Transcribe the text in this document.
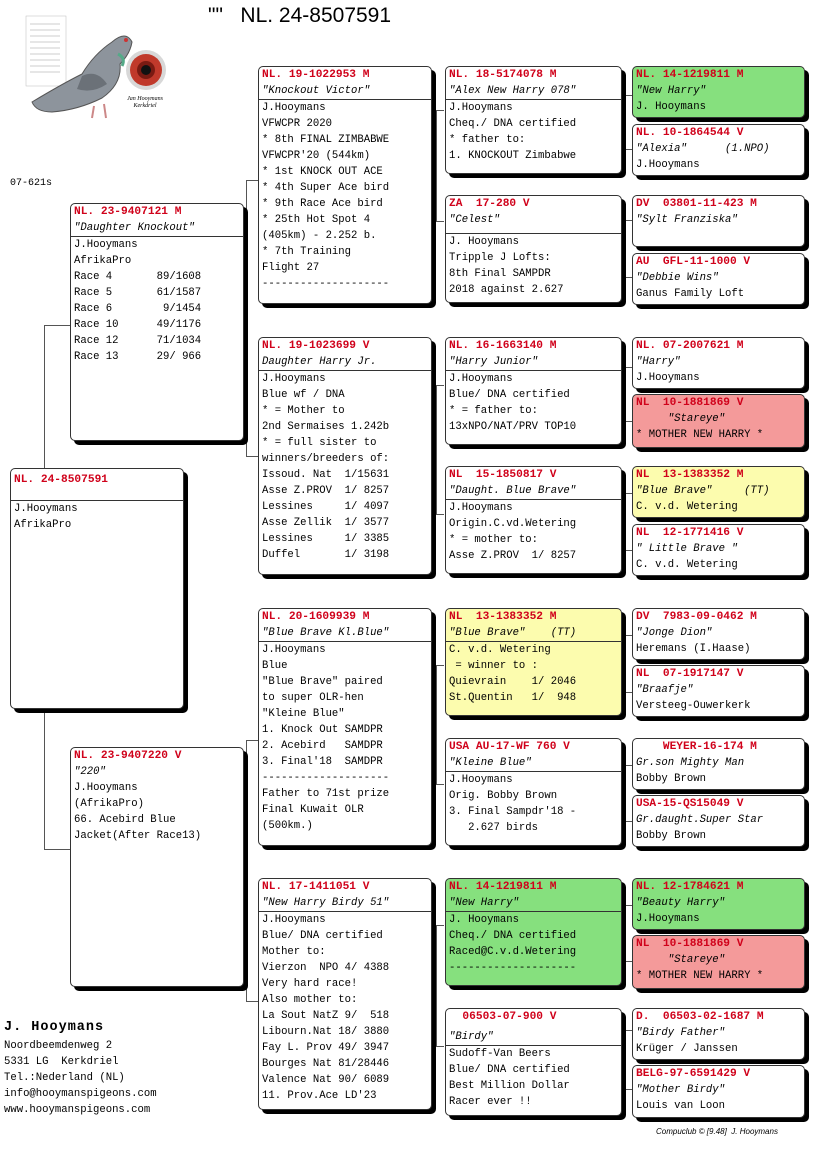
""   NL. 24-8507591
Jan Hooymans Kerkdriel
07-621s
NL. 24-8507591
J.Hooymans
AfrikaPro
NL. 23-9407121 M
"Daughter Knockout"
J.Hooymans
AfrikaPro
Race 4       89/1608
Race 5       61/1587
Race 6        9/1454
Race 10      49/1176
Race 12      71/1034
Race 13      29/ 966
NL. 23-9407220 V
"220"
J.Hooymans
(AfrikaPro)
66. Acebird Blue
Jacket(After Race13)
NL. 19-1022953 M
"Knockout Victor"
J.Hooymans
VFWCPR 2020
* 8th FINAL ZIMBABWE
VFWCPR'20 (544km)
* 1st KNOCK OUT ACE
* 4th Super Ace bird
* 9th Race Ace bird
* 25th Hot Spot 4
(405km) - 2.252 b.
* 7th Training
Flight 27
--------------------
NL. 19-1023699 V
Daughter Harry Jr.
J.Hooymans
Blue wf / DNA
* = Mother to
2nd Sermaises 1.242b
* = full sister to
winners/breeders of:
Issoud. Nat  1/15631
Asse Z.PROV  1/ 8257
Lessines     1/ 4097
Asse Zellik  1/ 3577
Lessines     1/ 3385
Duffel       1/ 3198
NL. 20-1609939 M
"Blue Brave Kl.Blue"
J.Hooymans
Blue
"Blue Brave" paired
to super OLR-hen
"Kleine Blue"
1. Knock Out SAMDPR
2. Acebird   SAMDPR
3. Final'18  SAMDPR
--------------------
Father to 71st prize
Final Kuwait OLR
(500km.)
NL. 17-1411051 V
"New Harry Birdy 51"
J.Hooymans
Blue/ DNA certified
Mother to:
Vierzon  NPO 4/ 4388
Very hard race!
Also mother to:
La Sout NatZ 9/  518
Libourn.Nat 18/ 3880
Fay L. Prov 49/ 3947
Bourges Nat 81/28446
Valence Nat 90/ 6089
11. Prov.Ace LD'23
NL. 18-5174078 M
"Alex New Harry 078"
J.Hooymans
Cheq./ DNA certified
* father to:
1. KNOCKOUT Zimbabwe
ZA  17-280 V
"Celest"
J. Hooymans
Tripple J Lofts:
8th Final SAMPDR
2018 against 2.627
NL. 16-1663140 M
"Harry Junior"
J.Hooymans
Blue/ DNA certified
* = father to:
13xNPO/NAT/PRV TOP10
NL  15-1850817 V
"Daught. Blue Brave"
J.Hooymans
Origin.C.vd.Wetering
* = mother to:
Asse Z.PROV  1/ 8257
NL  13-1383352 M
"Blue Brave"    (TT)
C. v.d. Wetering
= winner to :
Quievrain    1/ 2046
St.Quentin   1/  948
USA AU-17-WF 760 V
"Kleine Blue"
J.Hooymans
Orig. Bobby Brown
3. Final Sampdr'18 -
2.627 birds
NL. 14-1219811 M
"New Harry"
J. Hooymans
Cheq./ DNA certified
Raced@C.v.d.Wetering
--------------------
06503-07-900 V
"Birdy"
Sudoff-Van Beers
Blue/ DNA certified
Best Million Dollar
Racer ever !!
NL. 14-1219811 M
"New Harry"
J. Hooymans
NL. 10-1864544 V
"Alexia"      (1.NPO)
J.Hooymans
DV  03801-11-423 M
"Sylt Franziska"
AU  GFL-11-1000 V
"Debbie Wins"
Ganus Family Loft
NL. 07-2007621 M
"Harry"
J.Hooymans
NL  10-1881869 V
"Stareye"
* MOTHER NEW HARRY *
NL  13-1383352 M
"Blue Brave"     (TT)
C. v.d. Wetering
NL  12-1771416 V
" Little Brave "
C. v.d. Wetering
DV  7983-09-0462 M
"Jonge Dion"
Heremans (I.Haase)
NL  07-1917147 V
"Braafje"
Versteeg-Ouwerkerk
WEYER-16-174 M
Gr.son Mighty Man
Bobby Brown
USA-15-QS15049 V
Gr.daught.Super Star
Bobby Brown
NL. 12-1784621 M
"Beauty Harry"
J.Hooymans
NL  10-1881869 V
"Stareye"
* MOTHER NEW HARRY *
D.  06503-02-1687 M
"Birdy Father"
Krüger / Janssen
BELG-97-6591429 V
"Mother Birdy"
Louis van Loon
J. Hooymans
Noordbeemdenweg 2
5331 LG  Kerkdriel
Tel.:Nederland (NL)
info@hooymanspigeons.com
www.hooymanspigeons.com
Compuclub © [9.48]  J. Hooymans
